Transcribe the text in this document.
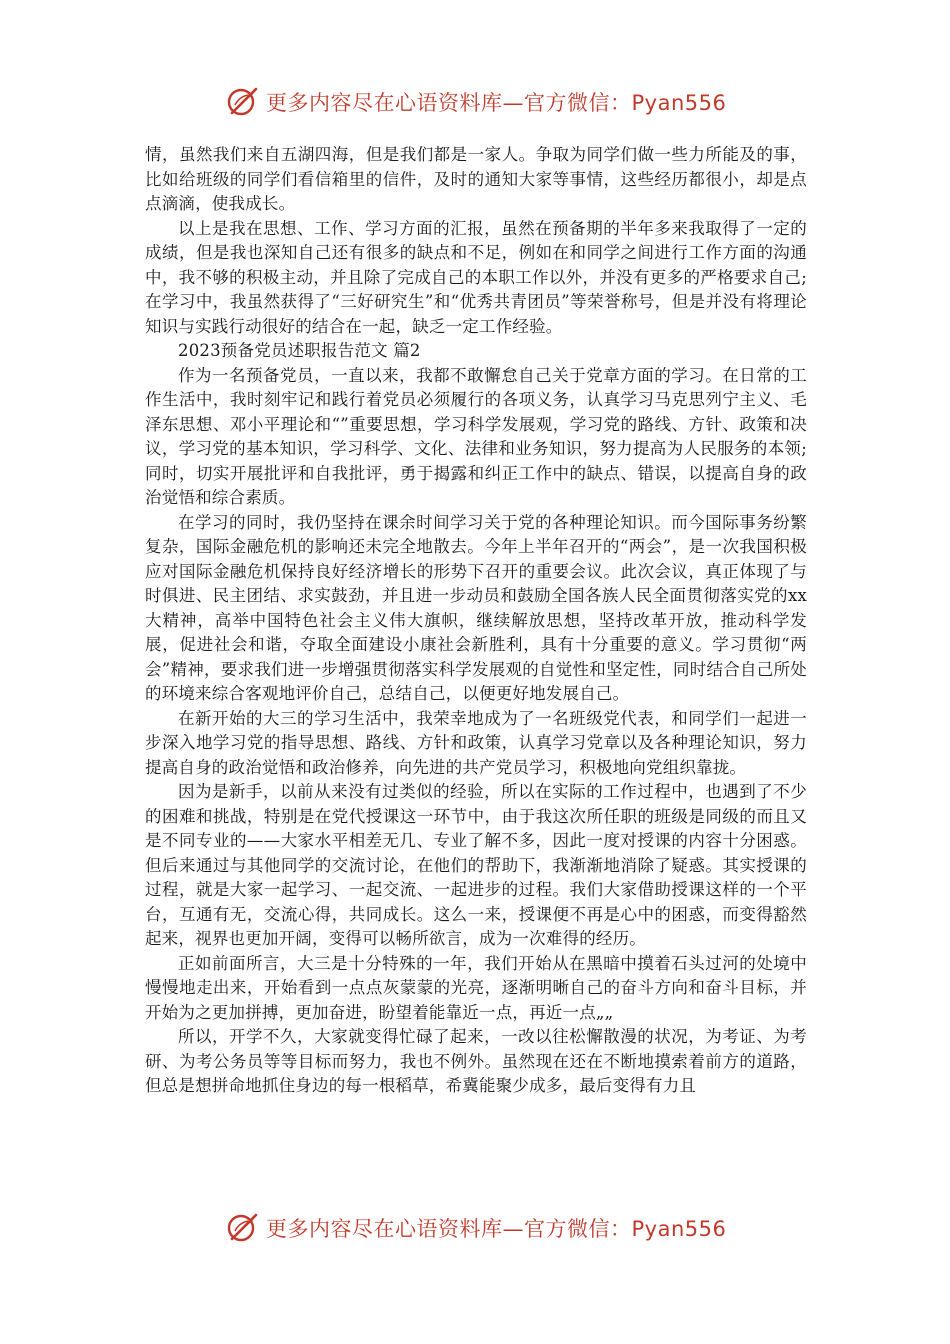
更多内容尽在心语资料库—官方微信：Pyan556

情，虽然我们来自五湖四海，但是我们都是一家人。争取为同学们做一些力所能及的事，比如给班级的同学们看信箱里的信件，及时的通知大家等事情，这些经历都很小，却是点点滴滴，使我成长。

以上是我在思想、工作、学习方面的汇报，虽然在预备期的半年多来我取得了一定的成绩，但是我也深知自己还有很多的缺点和不足，例如在和同学之间进行工作方面的沟通中，我不够的积极主动，并且除了完成自己的本职工作以外，并没有更多的严格要求自己;在学习中，我虽然获得了“三好研究生”和“优秀共青团员”等荣誉称号，但是并没有将理论知识与实践行动很好的结合在一起，缺乏一定工作经验。

2023预备党员述职报告范文 篇2

作为一名预备党员，一直以来，我都不敢懈怠自己关于党章方面的学习。在日常的工作生活中，我时刻牢记和践行着党员必须履行的各项义务，认真学习马克思列宁主义、毛泽东思想、邓小平理论和“”重要思想，学习科学发展观，学习党的路线、方针、政策和决议，学习党的基本知识，学习科学、文化、法律和业务知识，努力提高为人民服务的本领;同时，切实开展批评和自我批评，勇于揭露和纠正工作中的缺点、错误，以提高自身的政治觉悟和综合素质。

在学习的同时，我仍坚持在课余时间学习关于党的各种理论知识。而今国际事务纷繁复杂，国际金融危机的影响还未完全地散去。今年上半年召开的“两会”，是一次我国积极应对国际金融危机保持良好经济增长的形势下召开的重要会议。此次会议，真正体现了与时俱进、民主团结、求实鼓劲，并且进一步动员和鼓励全国各族人民全面贯彻落实党的xx大精神，高举中国特色社会主义伟大旗帜，继续解放思想，坚持改革开放，推动科学发展，促进社会和谐，夺取全面建设小康社会新胜利，具有十分重要的意义。学习贯彻“两会”精神，要求我们进一步增强贯彻落实科学发展观的自觉性和坚定性，同时结合自己所处的环境来综合客观地评价自己，总结自己，以便更好地发展自己。

在新开始的大三的学习生活中，我荣幸地成为了一名班级党代表，和同学们一起进一步深入地学习党的指导思想、路线、方针和政策，认真学习党章以及各种理论知识，努力提高自身的政治觉悟和政治修养，向先进的共产党员学习，积极地向党组织靠拢。

因为是新手，以前从来没有过类似的经验，所以在实际的工作过程中，也遇到了不少的困难和挑战，特别是在党代授课这一环节中，由于我这次所任职的班级是同级的而且又是不同专业的——大家水平相差无几、专业了解不多，因此一度对授课的内容十分困惑。但后来通过与其他同学的交流讨论，在他们的帮助下，我渐渐地消除了疑惑。其实授课的过程，就是大家一起学习、一起交流、一起进步的过程。我们大家借助授课这样的一个平台，互通有无，交流心得，共同成长。这么一来，授课便不再是心中的困惑，而变得豁然起来，视界也更加开阔，变得可以畅所欲言，成为一次难得的经历。

正如前面所言，大三是十分特殊的一年，我们开始从在黑暗中摸着石头过河的处境中慢慢地走出来，开始看到一点点灰蒙蒙的光亮，逐渐明晰自己的奋斗方向和奋斗目标，并开始为之更加拼搏，更加奋进，盼望着能靠近一点，再近一点„„

所以，开学不久，大家就变得忙碌了起来，一改以往松懈散漫的状况，为考证、为考研、为考公务员等等目标而努力，我也不例外。虽然现在还在不断地摸索着前方的道路，但总是想拼命地抓住身边的每一根稻草，希冀能聚少成多，最后变得有力且

更多内容尽在心语资料库—官方微信：Pyan556
